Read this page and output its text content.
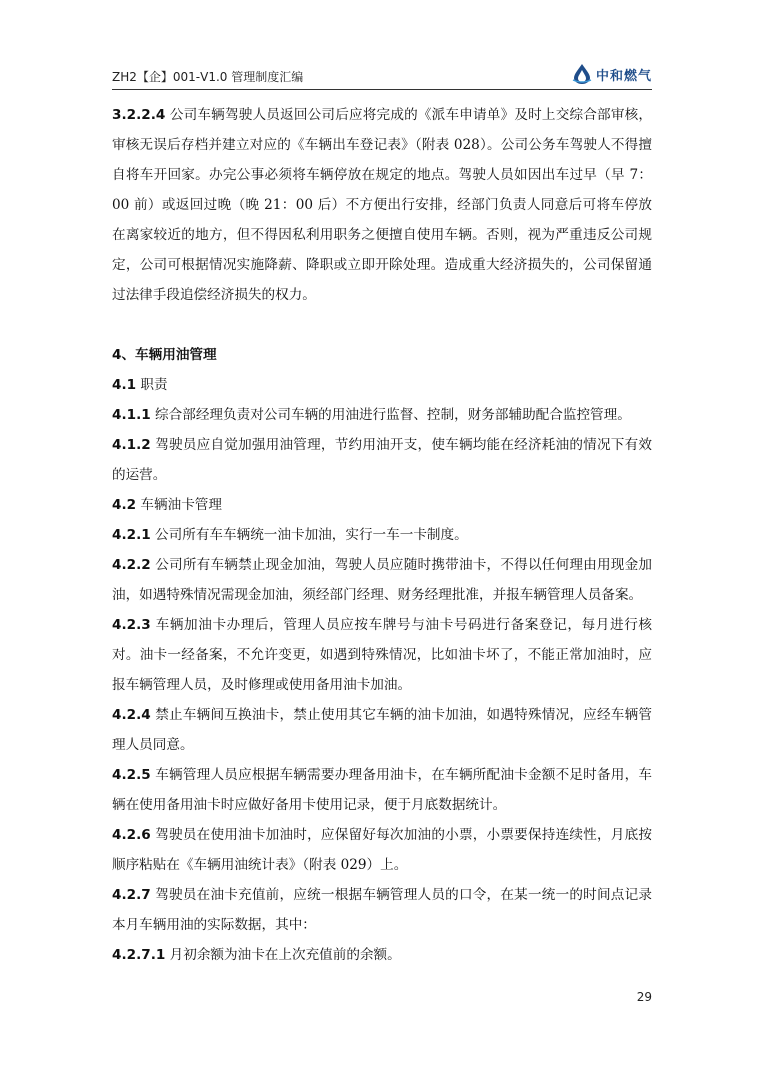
ZH2【企】001-V1.0 管理制度汇编	中和燃气

3.2.2.4 公司车辆驾驶人员返回公司后应将完成的《派车申请单》及时上交综合部审核，审核无误后存档并建立对应的《车辆出车登记表》（附表 028）。公司公务车驾驶人不得擅自将车开回家。办完公事必须将车辆停放在规定的地点。驾驶人员如因出车过早（早 7：00 前）或返回过晚（晚 21：00 后）不方便出行安排，经部门负责人同意后可将车停放在离家较近的地方，但不得因私利用职务之便擅自使用车辆。否则，视为严重违反公司规定，公司可根据情况实施降薪、降职或立即开除处理。造成重大经济损失的，公司保留通过法律手段追偿经济损失的权力。

4、车辆用油管理

4.1 职责

4.1.1 综合部经理负责对公司车辆的用油进行监督、控制，财务部辅助配合监控管理。

4.1.2 驾驶员应自觉加强用油管理，节约用油开支，使车辆均能在经济耗油的情况下有效的运营。

4.2 车辆油卡管理

4.2.1 公司所有车车辆统一油卡加油，实行一车一卡制度。

4.2.2 公司所有车辆禁止现金加油，驾驶人员应随时携带油卡，不得以任何理由用现金加油，如遇特殊情况需现金加油，须经部门经理、财务经理批准，并报车辆管理人员备案。

4.2.3 车辆加油卡办理后，管理人员应按车牌号与油卡号码进行备案登记，每月进行核对。油卡一经备案，不允许变更，如遇到特殊情况，比如油卡坏了，不能正常加油时，应报车辆管理人员，及时修理或使用备用油卡加油。

4.2.4 禁止车辆间互换油卡，禁止使用其它车辆的油卡加油，如遇特殊情况，应经车辆管理人员同意。

4.2.5 车辆管理人员应根据车辆需要办理备用油卡，在车辆所配油卡金额不足时备用，车辆在使用备用油卡时应做好备用卡使用记录，便于月底数据统计。

4.2.6 驾驶员在使用油卡加油时，应保留好每次加油的小票，小票要保持连续性，月底按顺序粘贴在《车辆用油统计表》（附表 029）上。

4.2.7 驾驶员在油卡充值前，应统一根据车辆管理人员的口令，在某一统一的时间点记录本月车辆用油的实际数据，其中：

4.2.7.1 月初余额为油卡在上次充值前的余额。

29
